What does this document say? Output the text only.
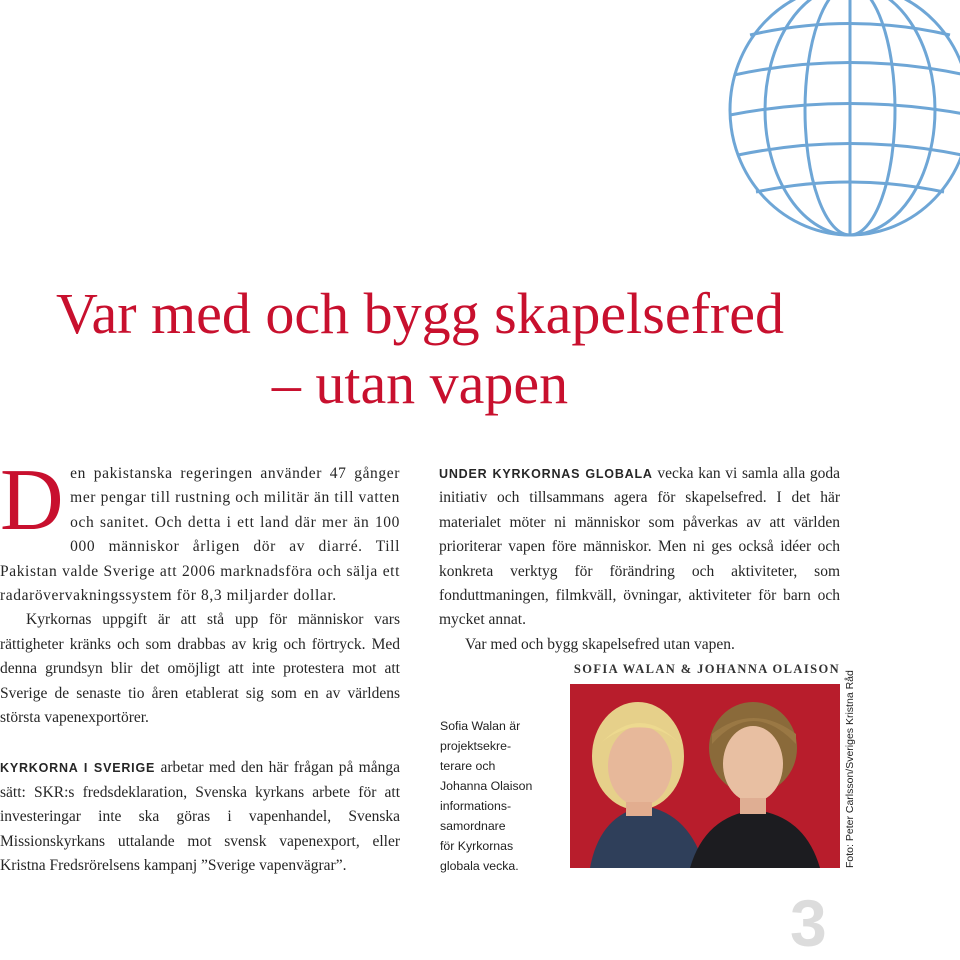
Var med och bygg skapelsefred
– utan vapen

Den pakistanska regeringen använder 47 gånger mer pengar till rustning och militär än till vatten och sanitet. Och detta i ett land där mer än 100 000 människor årligen dör av diarré. Till Pakistan valde Sverige att 2006 marknadsföra och sälja ett radarövervakningssystem för 8,3 miljarder dollar.

Kyrkornas uppgift är att stå upp för människor vars rättigheter kränks och som drabbas av krig och förtryck. Med denna grundsyn blir det omöjligt att inte protestera mot att Sverige de senaste tio åren etablerat sig som en av världens största vapenexportörer.

KYRKORNA I SVERIGE arbetar med den här frågan på många sätt: SKR:s fredsdeklaration, Svenska kyrkans arbete för att investeringar inte ska göras i vapenhandel, Svenska Missionskyrkans uttalande mot svensk vapenexport, eller Kristna Fredsrörelsens kampanj ”Sverige vapenvägrar”.

UNDER KYRKORNAS GLOBALA vecka kan vi samla alla goda initiativ och tillsammans agera för skapelsefred. I det här materialet möter ni människor som påverkas av att världen prioriterar vapen före människor. Men ni ges också idéer och konkreta verktyg för förändring och aktiviteter, som fonduttmaningen, filmkväll, övningar, aktiviteter för barn och mycket annat.

Var med och bygg skapelsefred utan vapen.

SOFIA WALAN & JOHANNA OLAISON
Sofia Walan är
projektsekre-
terare och
Johanna Olaison
informations-
samordnare
för Kyrkornas
globala vecka.	Foto: Peter Carlsson/Sveriges Kristna Råd
3
